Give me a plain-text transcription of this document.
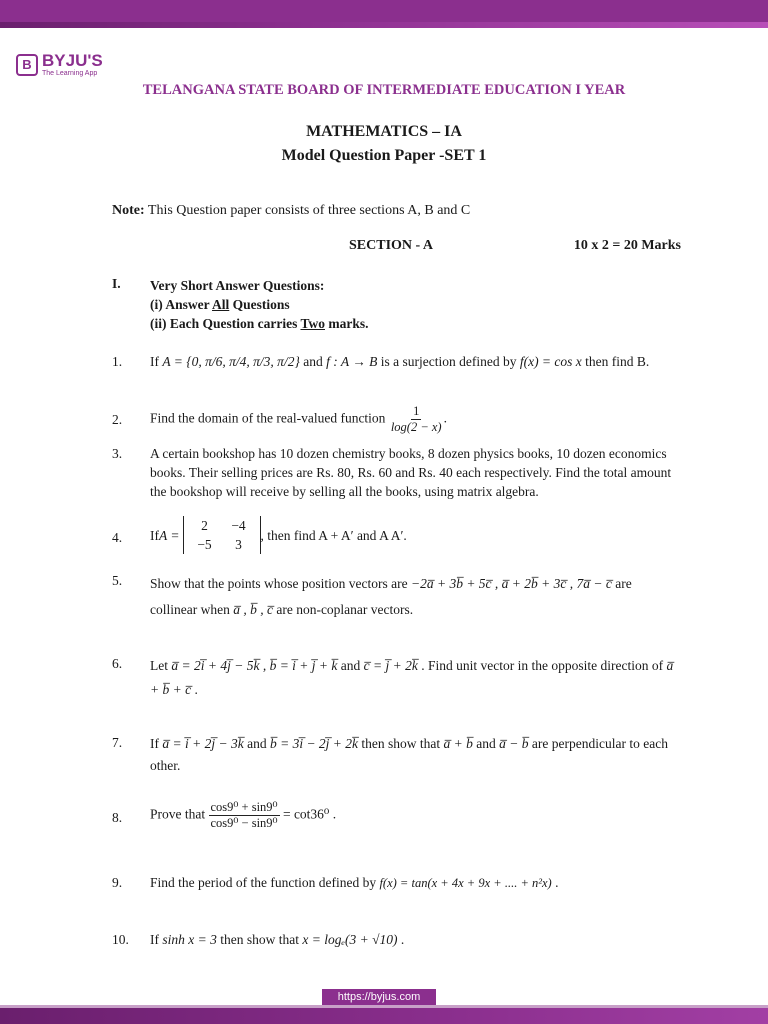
B BYJU'S
The Learning App
TELANGANA STATE BOARD OF INTERMEDIATE EDUCATION I YEAR
MATHEMATICS – IA
Model Question Paper -SET 1
Note: This Question paper consists of three sections A, B and C
SECTION - A	10 x 2 = 20 Marks
I. Very Short Answer Questions:
(i) Answer All Questions
(ii) Each Question carries Two marks.
1. If A = {0, π/6, π/4, π/3, π/2} and f : A → B is a surjection defined by f(x) = cos x then find B.
2. Find the domain of the real-valued function $\frac{1}{\log(2 - x)}$ .
3. A certain bookshop has 10 dozen chemistry books, 8 dozen physics books, 10 dozen economics books. Their selling prices are Rs. 80, Rs. 60 and Rs. 40 each respectively. Find the total amount the bookshop will receive by selling all the books, using matrix algebra.
4. If A =
2	−4
−5	3
, then find A + A′ and A A′.
5. Show that the points whose position vectors are −2a̅ + 3b̅ + 5c̅ , a̅ + 2b̅ + 3c̅ , 7a̅ − c̅ are collinear when a̅ , b̅ , c̅ are non-coplanar vectors.
6. Let a̅ = 2i̅ + 4j̅ − 5k̅ , b̅ = i̅ + j̅ + k̅ and c̅ = j̅ + 2k̅ . Find unit vector in the opposite direction of a̅ + b̅ + c̅ .
7. If a̅ = i̅ + 2j̅ − 3k̅ and b̅ = 3i̅ − 2j̅ + 2k̅ then show that a̅ + b̅ and a̅ − b̅ are perpendicular to each other.
8. Prove that $\frac{\text{cos9⁰ + sin9⁰}}{\text{cos9⁰ − sin9⁰}} = \cot 36^0$ .
9. Find the period of the function defined by f(x) = tan(x + 4x + 9x + .... + n²x) .
10. If sinh x = 3 then show that x = logₑ(3 + √10) .
https://byjus.com
